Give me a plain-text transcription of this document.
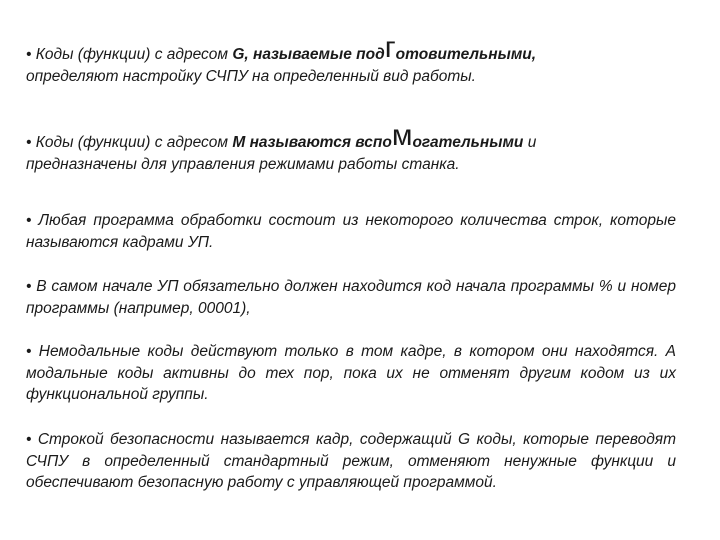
• Коды (функции) с адресом G, называемые подготовительными,
определяют настройку СЧПУ на определенный вид работы.

• Коды (функции) с адресом М называются вспомогательными и
предназначены для управления режимами работы станка.

• Любая программа обработки состоит из некоторого количества строк, которые называются кадрами УП.

• В самом начале УП обязательно должен находится код начала программы % и номер программы (например, 00001),

• Немодальные коды действуют только в том кадре, в котором они находятся. А модальные коды активны до тех пор, пока их не отменят другим кодом из их функциональной группы.

• Строкой безопасности называется кадр, содержащий G коды, которые переводят СЧПУ в определенный стандартный режим, отменяют ненужные функции и обеспечивают безопасную работу с управляющей программой.
